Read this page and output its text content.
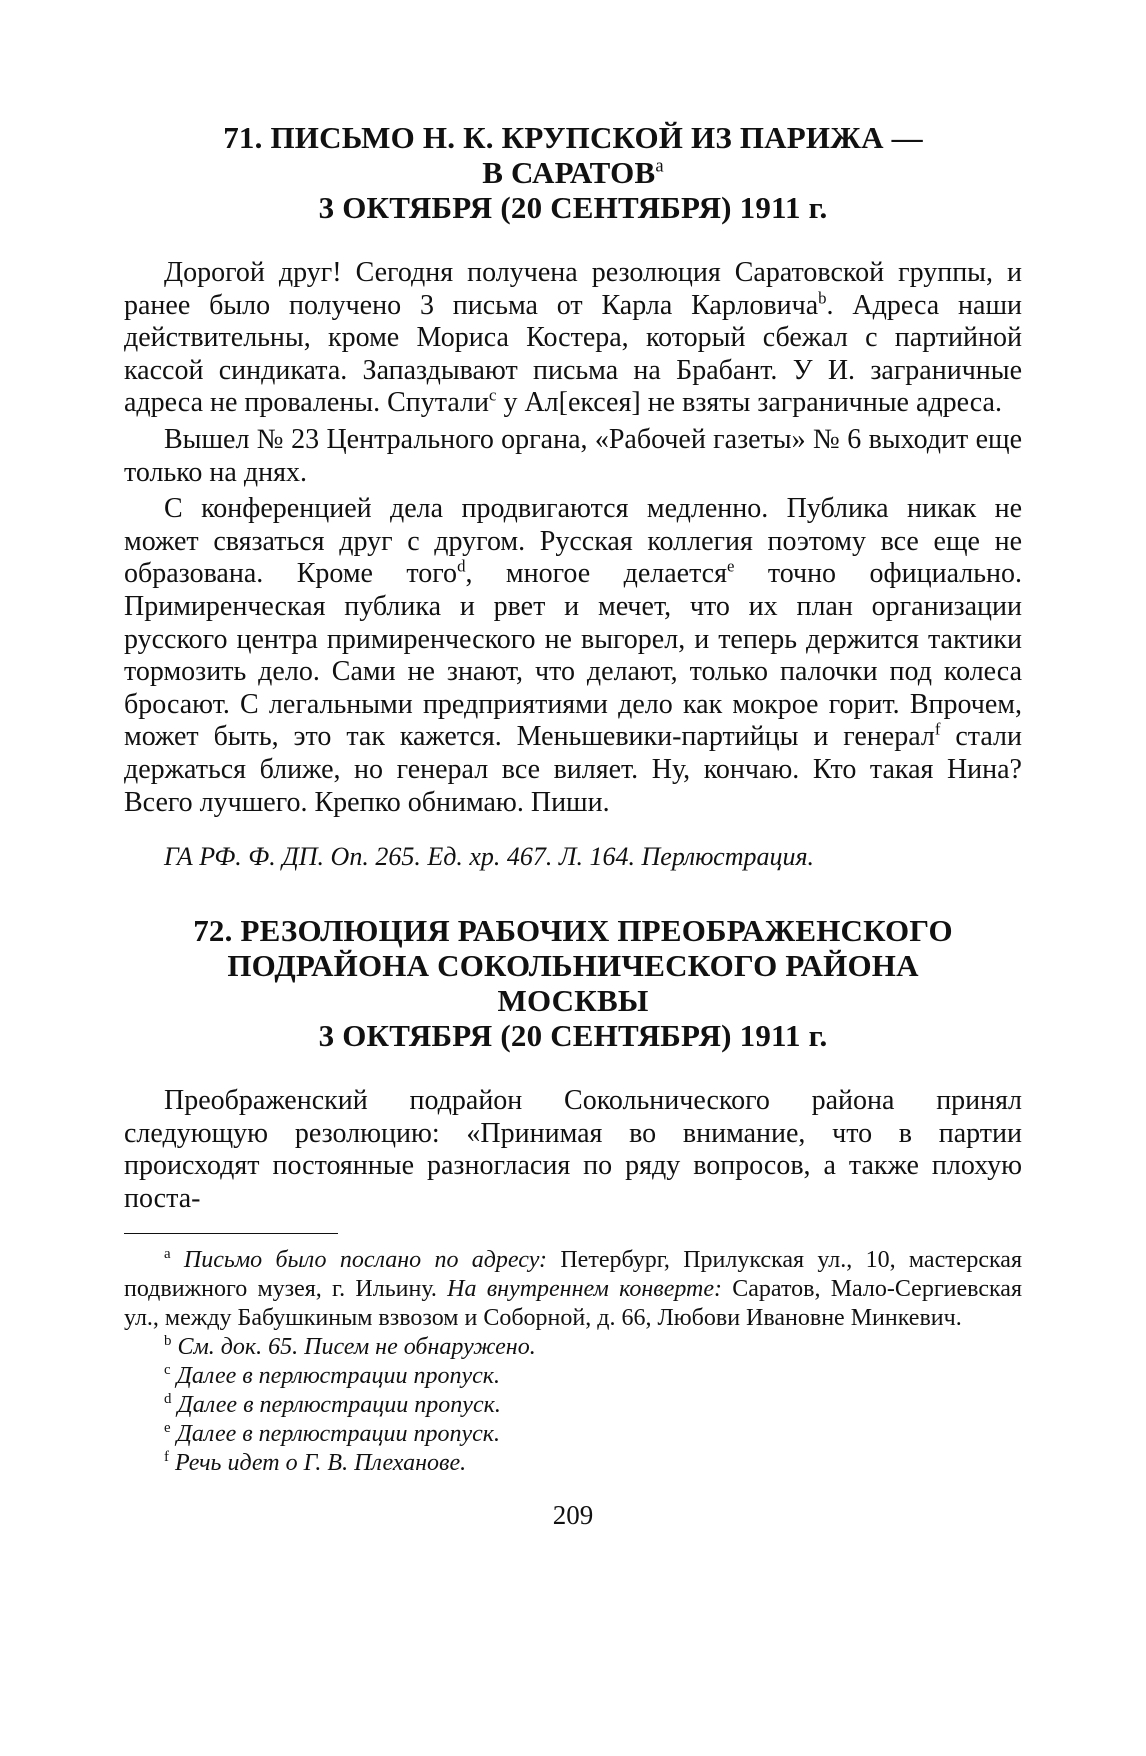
71. ПИСЬМО Н. К. КРУПСКОЙ ИЗ ПАРИЖА —
В $САРАТОВ^а$
3 ОКТЯБРЯ (20 СЕНТЯБРЯ) 1911 г.

Дорогой друг! Сегодня получена резолюция Саратовской группы, и ранее было получено 3 письма от Карла Карловича$^b$. Адреса наши действительны, кроме Мориса Костера, который сбежал с партийной кассой синдиката. Запаздывают письма на Брабант. У И. заграничные адреса не провалены. Спутали$^c$ у Ал[ексея] не взяты заграничные адреса.

Вышел № 23 Центрального органа, «Рабочей газеты» № 6 выходит еще только на днях.

С конференцией дела продвигаются медленно. Публика никак не может связаться друг с другом. Русская коллегия поэтому все еще не образована. Кроме того$^d$, многое делается$^e$ точно официально. Примиренческая публика и рвет и мечет, что их план организации русского центра примиренческого не выгорел, и теперь держится тактики тормозить дело. Сами не знают, что делают, только палочки под колеса бросают. С легальными предприятиями дело как мокрое горит. Впрочем, может быть, это так кажется. Меньшевики-партийцы и генерал$^f$ стали держаться ближе, но генерал все виляет. Ну, кончаю. Кто такая Нина? Всего лучшего. Крепко обнимаю. Пиши.

ГА РФ. Ф. ДП. Оп. 265. Ед. хр. 467. Л. 164. Перлюстрация.

72. РЕЗОЛЮЦИЯ РАБОЧИХ ПРЕОБРАЖЕНСКОГО
ПОДРАЙОНА СОКОЛЬНИЧЕСКОГО РАЙОНА
МОСКВЫ
3 ОКТЯБРЯ (20 СЕНТЯБРЯ) 1911 г.

Преображенский подрайон Сокольнического района принял следующую резолюцию: «Принимая во внимание, что в партии происходят постоянные разногласия по ряду вопросов, а также плохую поста-

$^a$ Письмо было послано по адресу: Петербург, Прилукская ул., 10, мастерская подвижного музея, г. Ильину. На внутреннем конверте: Саратов, Мало-Сергиевская ул., между Бабушкиным взвозом и Соборной, д. 66, Любови Ивановне Минкевич.

$^b$ См. док. 65. Писем не обнаружено.

$^c$ Далее в перлюстрации пропуск.

$^d$ Далее в перлюстрации пропуск.

$^e$ Далее в перлюстрации пропуск.

$^f$ Речь идет о Г. В. Плеханове.

209
